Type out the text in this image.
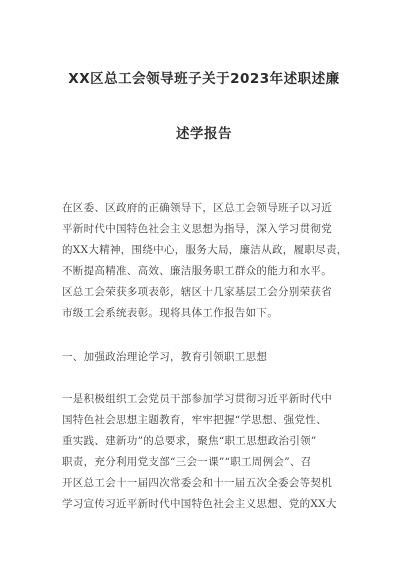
XX区总工会领导班子关于2023年述职述廉
述学报告
在区委、区政府的正确领导下，区总工会领导班子以习近
平新时代中国特色社会主义思想为指导，深入学习贯彻党
的XX大精神，围绕中心，服务大局，廉洁从政，履职尽责，
不断提高精准、高效、廉洁服务职工群众的能力和水平。
区总工会荣获多项表彰，辖区十几家基层工会分别荣获省
市级工会系统表彰。现将具体工作报告如下。
一、加强政治理论学习，教育引领职工思想
一是积极组织工会党员干部参加学习贯彻习近平新时代中
国特色社会思想主题教育，牢牢把握“学思想、强党性、
重实践、建新功”的总要求，聚焦“职工思想政治引领”
职责，充分利用党支部“三会一课”“职工周例会”、召
开区总工会十一届四次常委会和十一届五次全委会等契机
学习宣传习近平新时代中国特色社会主义思想、党的XX大
